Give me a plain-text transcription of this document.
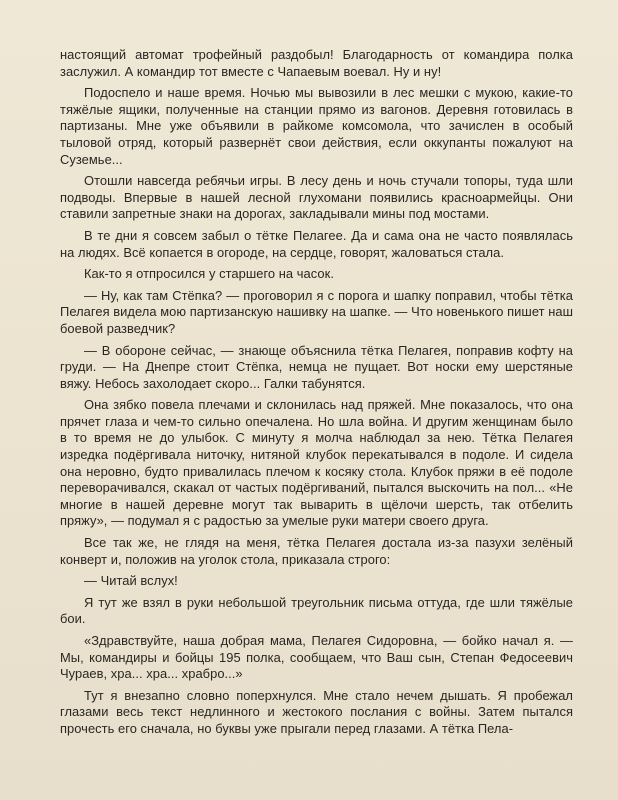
настоящий автомат трофейный раздобыл! Благодарность от командира полка заслужил. А командир тот вместе с Чапаевым воевал. Ну и ну!

Подоспело и наше время. Ночью мы вывозили в лес мешки с мукою, какие-то тяжёлые ящики, полученные на станции прямо из вагонов. Деревня готовилась в партизаны. Мне уже объявили в райкоме комсомола, что зачислен в особый тыловой отряд, который развернёт свои действия, если оккупанты пожалуют на Суземье...

Отошли навсегда ребячьи игры. В лесу день и ночь стучали топоры, туда шли подводы. Впервые в нашей лесной глухомани появились красноармейцы. Они ставили запретные знаки на дорогах, закладывали мины под мостами.

В те дни я совсем забыл о тётке Пелагее. Да и сама она не часто появлялась на людях. Всё копается в огороде, на сердце, говорят, жаловаться стала.

Как-то я отпросился у старшего на часок.

— Ну, как там Стёпка? — проговорил я с порога и шапку поправил, чтобы тётка Пелагея видела мою партизанскую нашивку на шапке. — Что новенького пишет наш боевой разведчик?

— В обороне сейчас, — знающе объяснила тётка Пелагея, поправив кофту на груди. — На Днепре стоит Стёпка, немца не пущает. Вот носки ему шерстяные вяжу. Небось захолодает скоро... Галки табунятся.

Она зябко повела плечами и склонилась над пряжей. Мне показалось, что она прячет глаза и чем-то сильно опечалена. Но шла война. И другим женщинам было в то время не до улыбок. С минуту я молча наблюдал за нею. Тётка Пелагея изредка подёргивала ниточку, нитяной клубок перекатывался в подоле. И сидела она неровно, будто привалилась плечом к косяку стола. Клубок пряжи в её подоле переворачивался, скакал от частых подёргиваний, пытался выскочить на пол... «Не многие в нашей деревне могут так выварить в щёлочи шерсть, так отбелить пряжу», — подумал я с радостью за умелые руки матери своего друга.

Все так же, не глядя на меня, тётка Пелагея достала из-за пазухи зелёный конверт и, положив на уголок стола, приказала строго:

— Читай вслух!

Я тут же взял в руки небольшой треугольник письма оттуда, где шли тяжёлые бои.

«Здравствуйте, наша добрая мама, Пелагея Сидоровна, — бойко начал я. — Мы, командиры и бойцы 195 полка, сообщаем, что Ваш сын, Степан Федосеевич Чураев, хра... хра... храбро...»

Тут я внезапно словно поперхнулся. Мне стало нечем дышать. Я пробежал глазами весь текст недлинного и жестокого послания с войны. Затем пытался прочесть его сначала, но буквы уже прыгали перед глазами. А тётка Пела-
